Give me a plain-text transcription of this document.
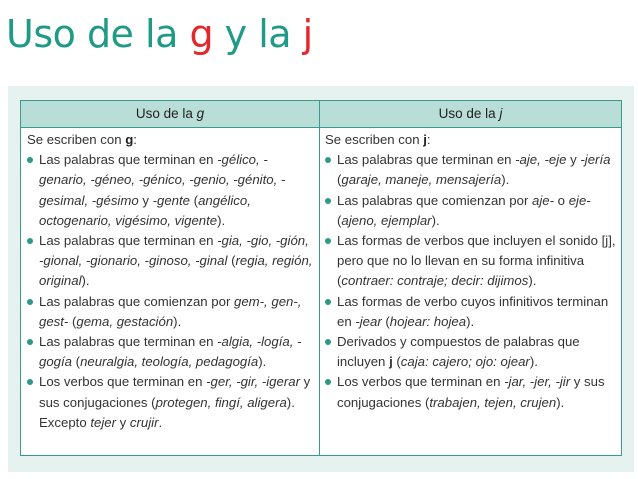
Uso de la g y la j
Uso de la g	Uso de la j
Se escriben con g:
Las palabras que terminan en -gélico, -genario, -géneo, -génico, -genio, -génito, -gesimal, -gésimo y -gente (angélico, octogenario, vigésimo, vigente).
Las palabras que terminan en -gia, -gio, -gión, -gional, -gionario, -ginoso, -ginal (regia, región, original).
Las palabras que comienzan por gem-, gen-, gest- (gema, gestación).
Las palabras que terminan en -algia, -logía, -gogía (neuralgia, teología, pedagogía).
Los verbos que terminan en -ger, -gir, -igerar y sus conjugaciones (protegen, fingí, aligera). Excepto tejer y crujir.
Se escriben con j:
Las palabras que terminan en -aje, -eje y -jería (garaje, maneje, mensajería).
Las palabras que comienzan por aje- o eje- (ajeno, ejemplar).
Las formas de verbos que incluyen el sonido [j], pero que no lo llevan en su forma infinitiva (contraer: contraje; decir: dijimos).
Las formas de verbo cuyos infinitivos terminan en -jear (hojear: hojea).
Derivados y compuestos de palabras que incluyen j (caja: cajero; ojo: ojear).
Los verbos que terminan en -jar, -jer, -jir y sus conjugaciones (trabajen, tejen, crujen).
